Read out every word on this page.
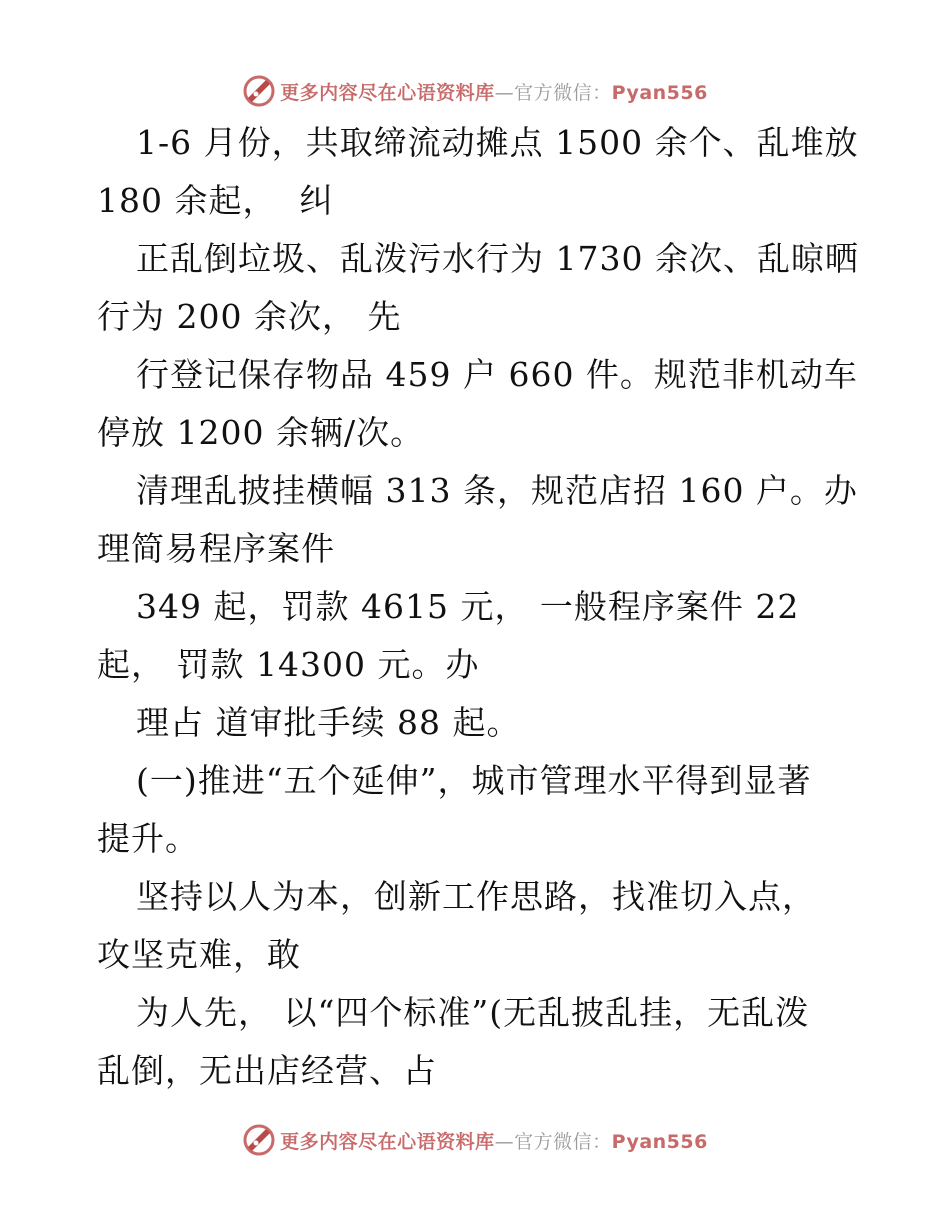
更多内容尽在心语资料库—官方微信：Pyan556
1-6 月份，共取缔流动摊点 1500 余个、乱堆放
180 余起，  纠
正乱倒垃圾、乱泼污水行为 1730 余次、乱晾晒
行为 200 余次， 先
行登记保存物品 459 户 660 件。规范非机动车
停放 1200 余辆/次。
清理乱披挂横幅 313 条，规范店招 160 户。办
理简易程序案件
349 起，罚款 4615 元， 一般程序案件 22
起， 罚款 14300 元。办
理占 道审批手续 88 起。
(一)推进“五个延伸”，城市管理水平得到显著
提升。
坚持以人为本，创新工作思路，找准切入点，
攻坚克难，敢
为人先， 以“四个标准”(无乱披乱挂，无乱泼
乱倒，无出店经营、占
更多内容尽在心语资料库—官方微信：Pyan556
